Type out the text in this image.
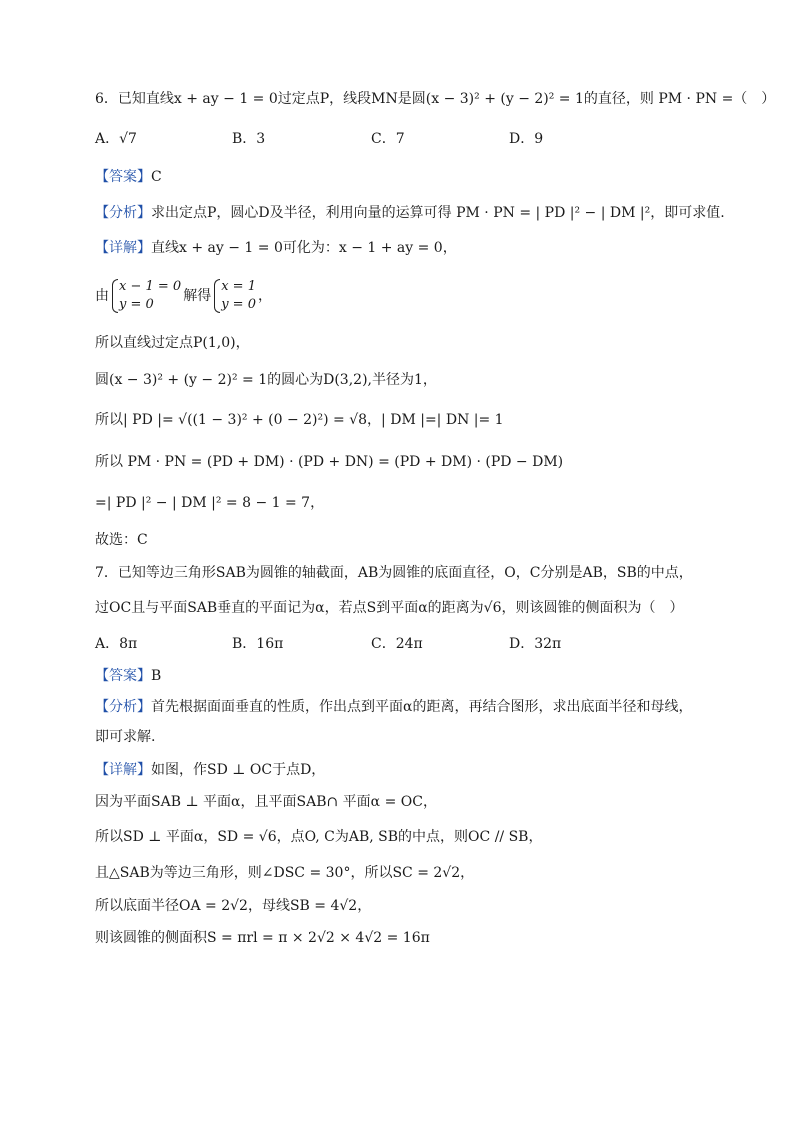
6．已知直线x + ay − 1 = 0过定点P，线段MN是圆(x − 3)² + (y − 2)² = 1的直径，则 PM · PN =（　）
A．√7	B．3	C．7	D．9
【答案】C
【分析】求出定点P，圆心D及半径，利用向量的运算可得 PM · PN = | PD |² − | DM |²，即可求值.
【详解】直线x + ay − 1 = 0可化为：x − 1 + ay = 0，
由
x − 1 = 0
y = 0
解得
x = 1
y = 0
，
所以直线过定点P(1,0)，
圆(x − 3)² + (y − 2)² = 1的圆心为D(3,2),半径为1，
所以| PD |= √((1 − 3)² + (0 − 2)²) = √8，| DM |=| DN |= 1
所以 PM · PN = (PD + DM) · (PD + DN) = (PD + DM) · (PD − DM)
=| PD |² − | DM |² = 8 − 1 = 7，
故选：C
7．已知等边三角形SAB为圆锥的轴截面，AB为圆锥的底面直径，O，C分别是AB，SB的中点，
过OC且与平面SAB垂直的平面记为α，若点S到平面α的距离为√6，则该圆锥的侧面积为（　）
A．8π	B．16π	C．24π	D．32π
【答案】B
【分析】首先根据面面垂直的性质，作出点到平面α的距离，再结合图形，求出底面半径和母线，
即可求解.
【详解】如图，作SD ⊥ OC于点D，
因为平面SAB ⊥ 平面α，且平面SAB∩ 平面α = OC，
所以SD ⊥ 平面α，SD = √6，点O, C为AB, SB的中点，则OC // SB，
且△SAB为等边三角形，则∠DSC = 30°，所以SC = 2√2，
所以底面半径OA = 2√2，母线SB = 4√2，
则该圆锥的侧面积S = πrl = π × 2√2 × 4√2 = 16π
